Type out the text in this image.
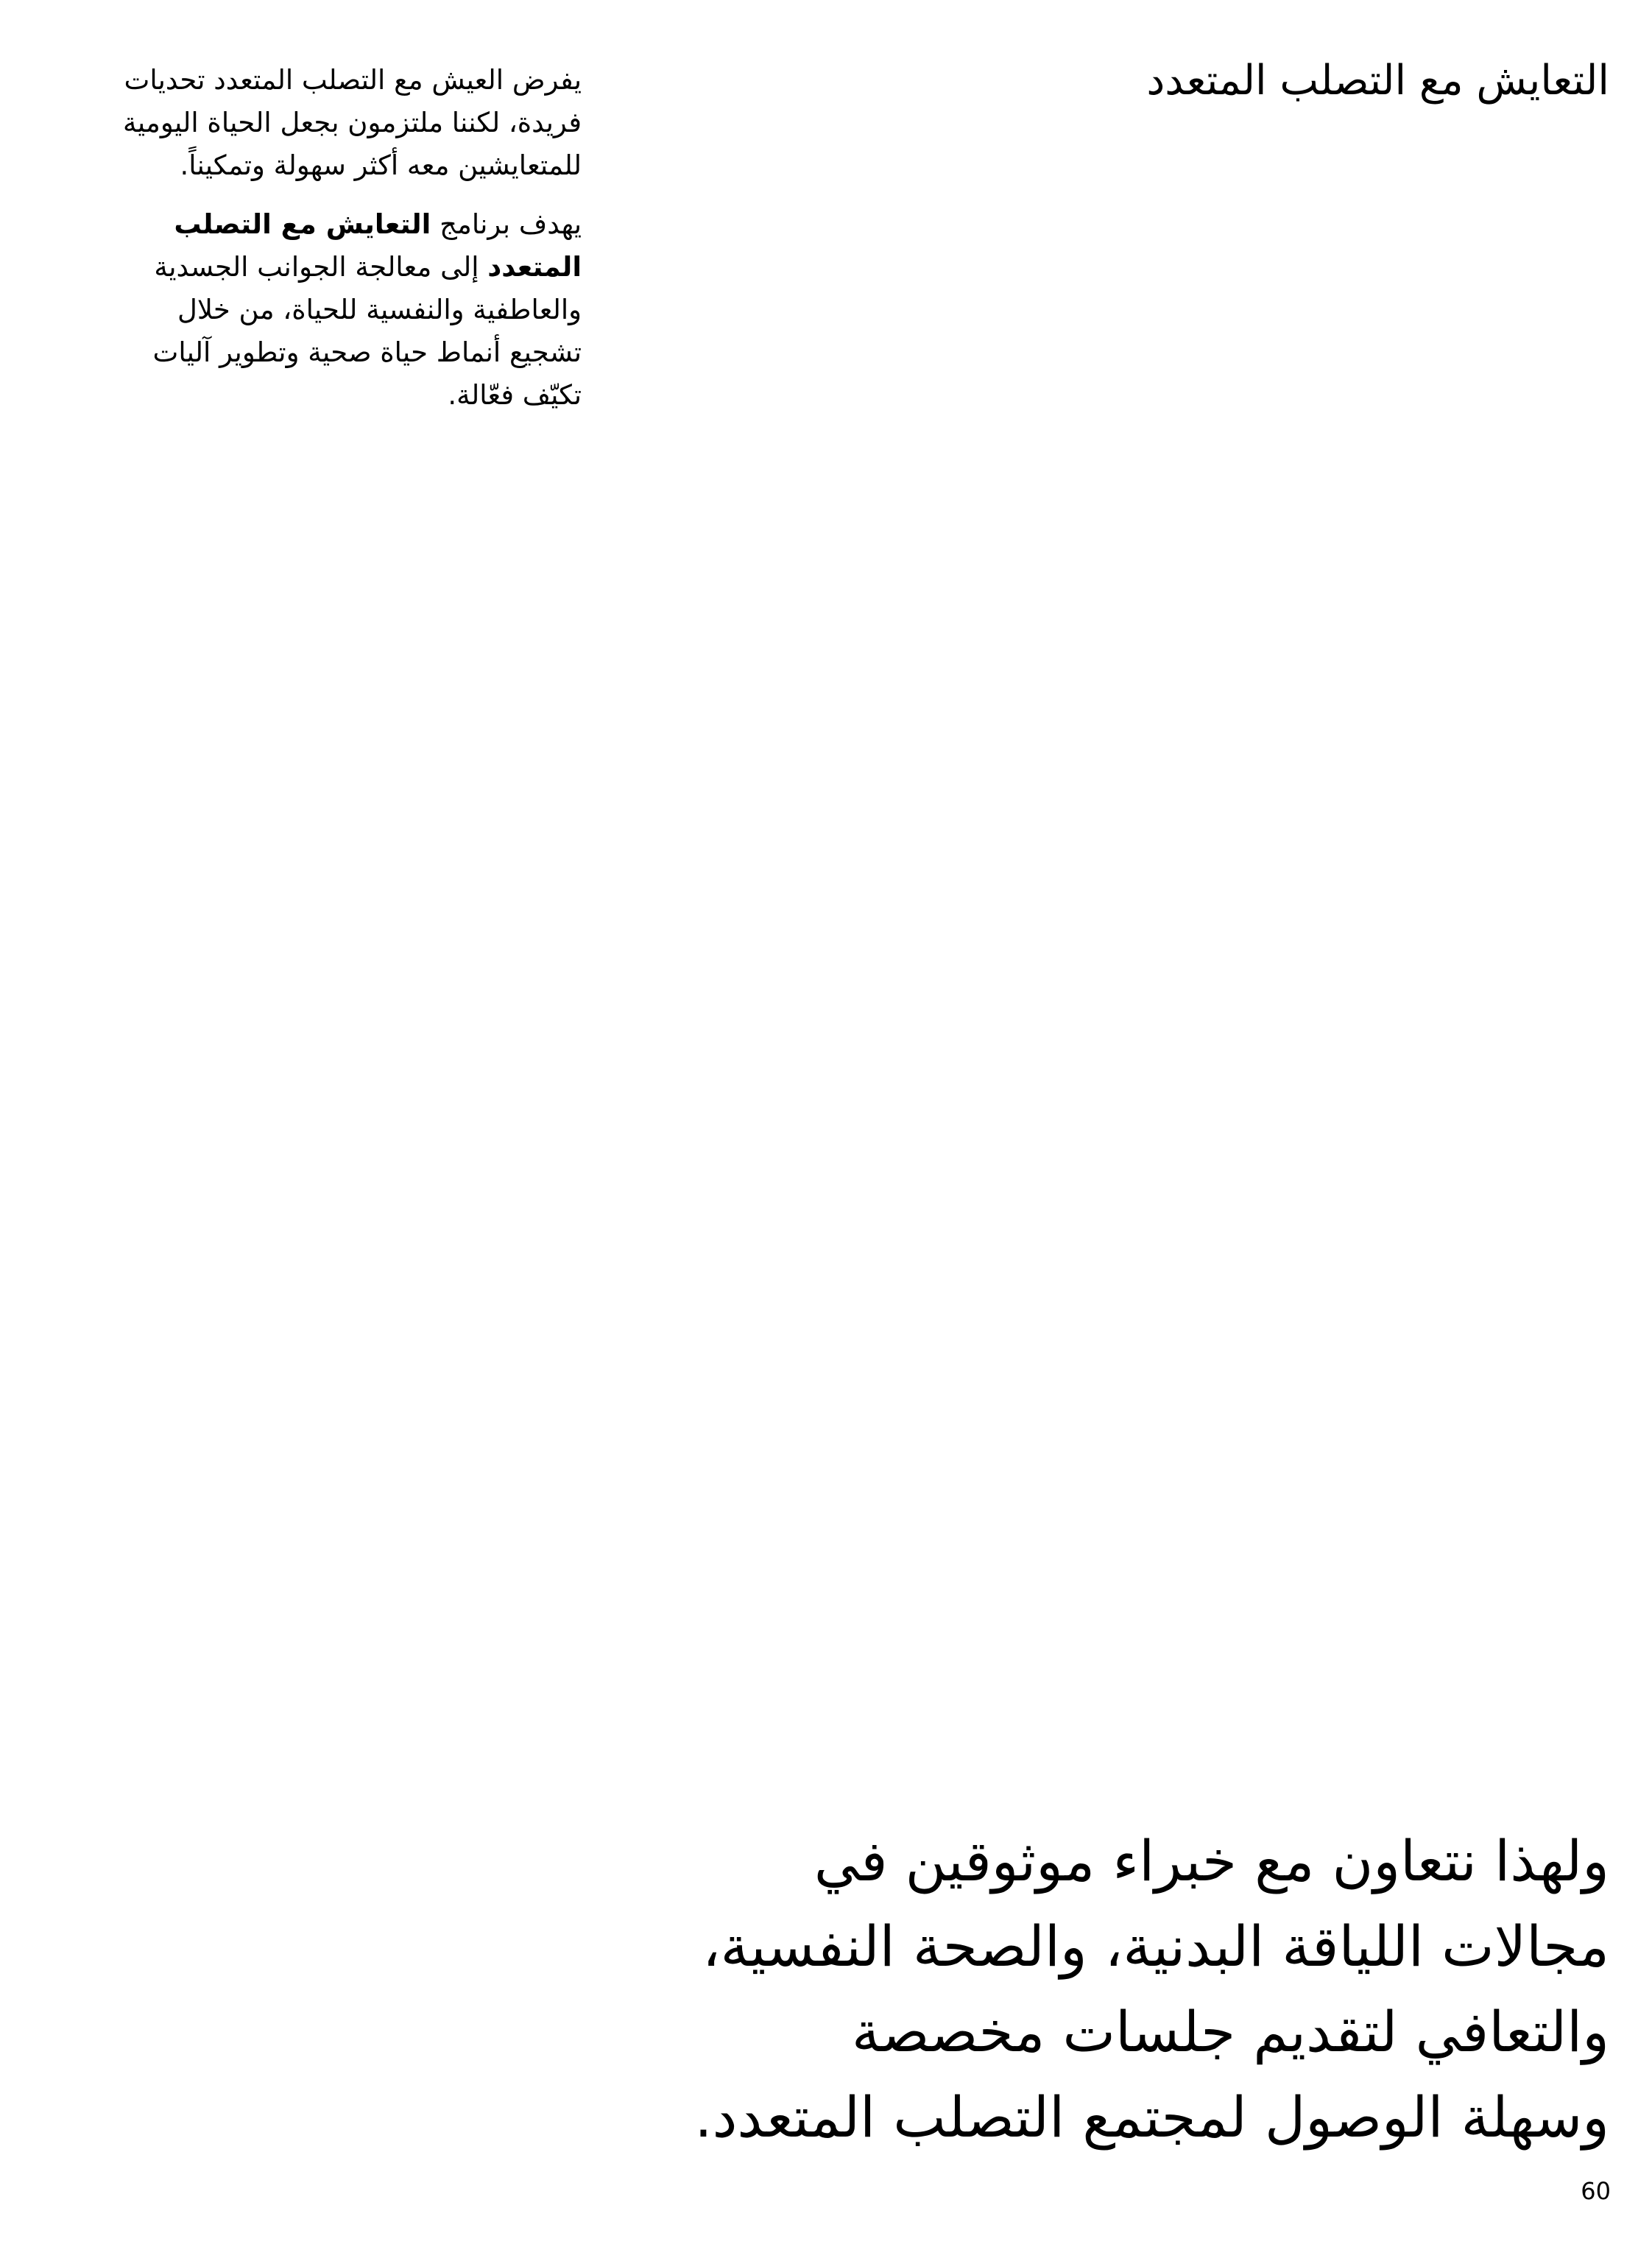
التعايش مع التصلب المتعدد

يفرض العيش مع التصلب المتعدد تحديات فريدة، لكننا ملتزمون بجعل الحياة اليومية للمتعايشين معه أكثر سهولة وتمكيناً.

يهدف برنامج التعايش مع التصلب المتعدد إلى معالجة الجوانب الجسدية والعاطفية والنفسية للحياة، من خلال تشجيع أنماط حياة صحية وتطوير آليات تكيّف فعّالة.

ولهذا نتعاون مع خبراء موثوقين في
مجالات اللياقة البدنية، والصحة النفسية،
والتعافي لتقديم جلسات مخصصة
وسهلة الوصول لمجتمع التصلب المتعدد.
60
